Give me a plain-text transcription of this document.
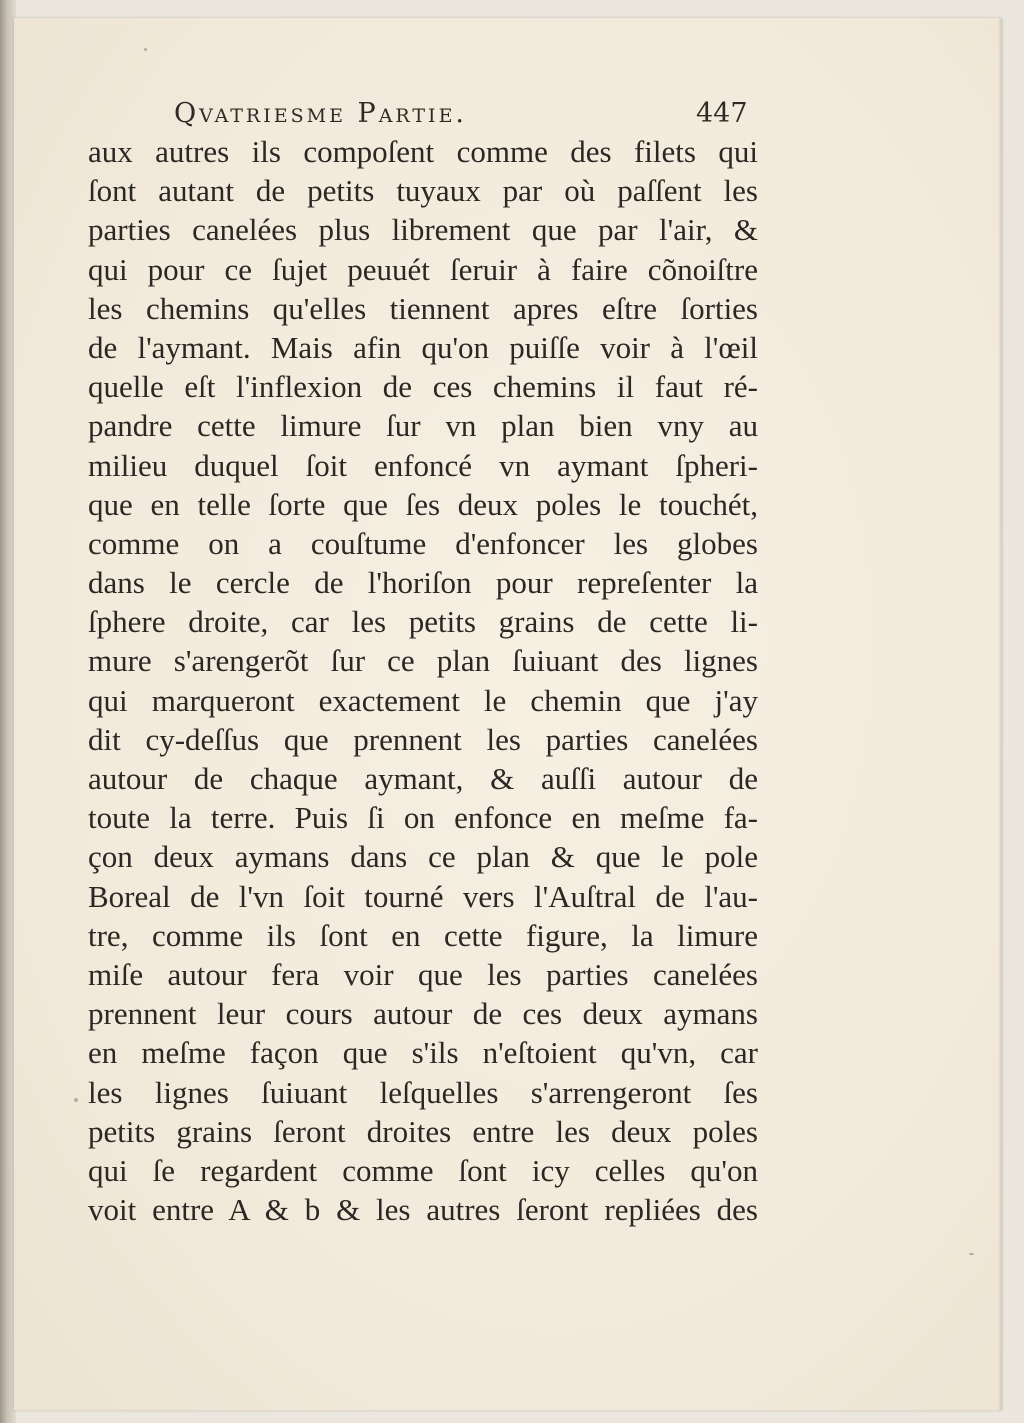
Qvatriesme Partie.	447
aux autres ils compoſent comme des filets qui
ſont autant de petits tuyaux par où paſſent les
parties canelées plus librement que par l'air, &
qui pour ce ſujet peuuét ſeruir à faire cõnoiſtre
les chemins qu'elles tiennent apres eſtre ſorties
de l'aymant. Mais afin qu'on puiſſe voir à l'œil
quelle eſt l'inflexion de ces chemins il faut ré-
pandre cette limure ſur vn plan bien vny au
milieu duquel ſoit enfoncé vn aymant ſpheri-
que en telle ſorte que ſes deux poles le touchét,
comme on a couſtume d'enfoncer les globes
dans le cercle de l'horiſon pour repreſenter la
ſphere droite, car les petits grains de cette li-
mure s'arengerõt ſur ce plan ſuiuant des lignes
qui marqueront exactement le chemin que j'ay
dit cy-deſſus que prennent les parties canelées
autour de chaque aymant, & auſſi autour de
toute la terre. Puis ſi on enfonce en meſme fa-
çon deux aymans dans ce plan & que le pole
Boreal de l'vn ſoit tourné vers l'Auſtral de l'au-
tre, comme ils ſont en cette figure, la limure
miſe autour fera voir que les parties canelées
prennent leur cours autour de ces deux aymans
en meſme façon que s'ils n'eſtoient qu'vn, car
les lignes ſuiuant leſquelles s'arrengeront ſes
petits grains ſeront droites entre les deux poles
qui ſe regardent comme ſont icy celles qu'on
voit entre A & b & les autres ſeront repliées des
